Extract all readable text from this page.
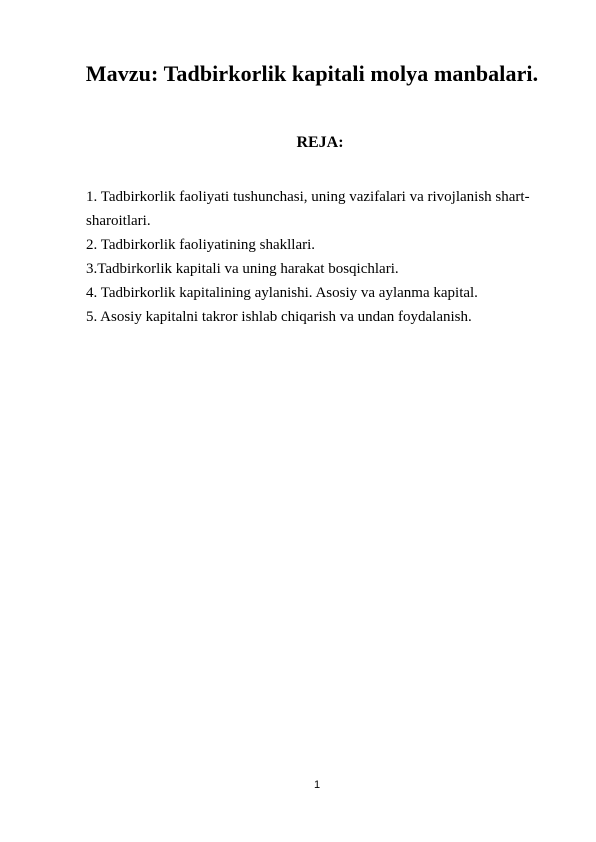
Mavzu: Tadbirkorlik kapitali molya manbalari.
REJA:
1. Tadbirkorlik faoliyati tushunchasi, uning vazifalari va rivojlanish shart-sharoitlari.
2. Tadbirkorlik faoliyatining shakllari.
3.Tadbirkorlik kapitali va uning harakat bosqichlari.
4. Tadbirkorlik kapitalining aylanishi. Asosiy va aylanma kapital.
5. Asosiy kapitalni takror ishlab chiqarish va undan foydalanish.
1
